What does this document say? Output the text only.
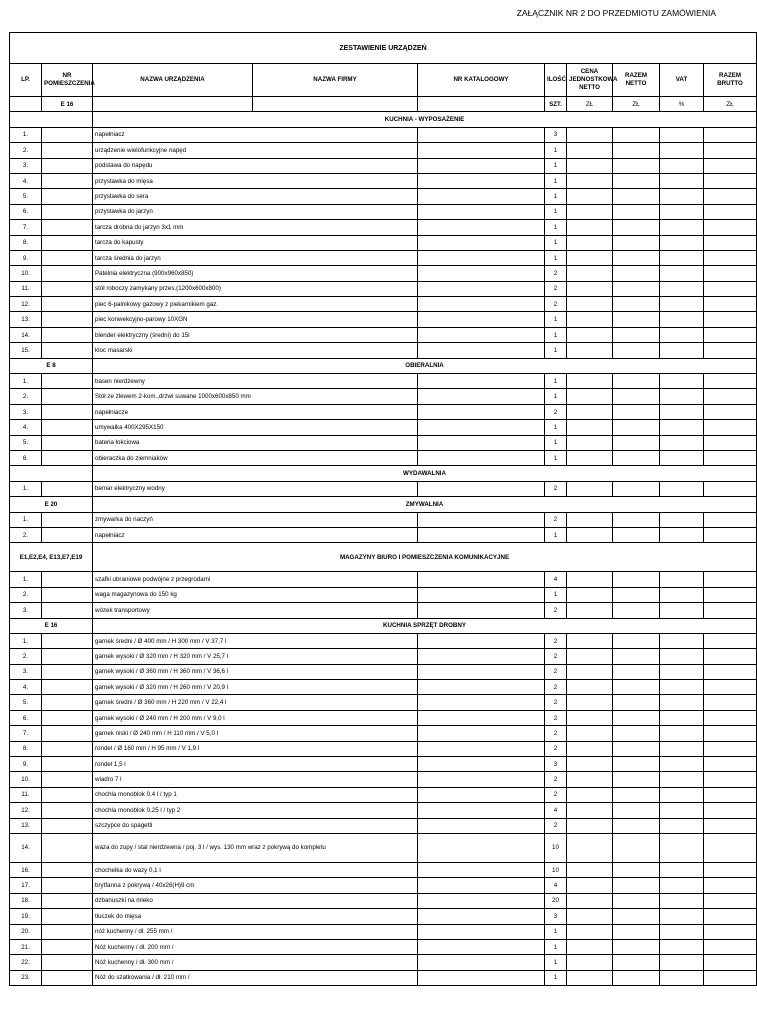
ZAŁĄCZNIK NR 2 DO PRZEDMIOTU ZAMÓWIENIA
ZESTAWIENIE URZĄDZEŃ									
LP.	NR POMIESZCZENIA	NAZWA URZĄDZENIA	NAZWA FIRMY	NR KATALOGOWY	ILOŚĆ	CENA JEDNOSTKOWA NETTO	RAZEM NETTO	VAT	RAZEM BRUTTO
	E 16				SZT.	ZŁ	ZŁ	%	ZŁ
		KUCHNIA - WYPOSAŻENIE							
1.		napełniacz			3				
2.		urządzenie wielofunkcyjne napęd			1				
3.		podstawa do napędu			1				
4.		przystawka do mięsa			1				
5.		przystawka do sera			1				
6.		przystawka do jarzyn			1				
7.		tarcza drobna do jarzyn 3x1 mm			1				
8.		tarcza do kapusty			1				
9.		tarcza średnia do jarzyn			1				
10.		Patelnia elektryczna (900x960x850)			2				
11.		stół roboczy zamykany przes.(1200x600x800)			2				
12.		piec 6-palnikowy gazowy z piekarnikiem gaz.			2				
13.		piec konwekcyjno-parowy 10XGN			1				
14.		blender elektryczny (średni) do 15l			1				
15.		kloc masarski			1				
E 8		OBIERALNIA							
1.		basen nierdzewny			1				
2.		Stół ze zlewem 2-kom.,drzwi suwane 1000x600x850 mm			1				
3.		napełniacze			2				
4.		umywalka 400X295X150			1				
5.		bateria łokciowa			1				
6.		obieraczka do ziemniaków			1				
		WYDAWALNIA							
1.		bemar elektryczny wodny			2				
E 20		ZMYWALNIA							
1.		zmywarka do naczyń			2				
2.		napełniacz			1				
E1,E2,E4, E13,E7,E19		MAGAZYNY BIURO I POMIESZCZENIA KOMUNIKACYJNE							
1.		szafki ubraniowe podwójne z przegrodami			4				
2.		waga magazynowa do 150 kg			1				
3.		wózek transportowy			2				
E 16		KUCHNIA SPRZĘT DROBNY							
1.		garnek średni / Ø 400 mm / H 300 mm / V 37,7 l			2				
2.		garnek wysoki / Ø 320 mm / H 320 mm / V 25,7 l			2				
3.		garnek wysoki / Ø 360 mm / H 360 mm / V 36,6 l			2				
4.		garnek wysoki / Ø 320 mm / H 260 mm / V 20,9 l			2				
5.		garnek średni / Ø 360 mm / H 220 mm / V 22,4 l			2				
6.		garnek wysoki / Ø 240 mm / H 200 mm / V 9,0 l			2				
7.		garnek niski / Ø 240 mm / H 110 mm / V 5,0 l			2				
8.		rondel / Ø 160 mm / H 95 mm / V 1,9 l			2				
9.		rondel 1,5 l			3				
10.		wiadro 7 l			2				
11.		chochla monoblok 0,4 l / typ 1			2				
12.		chochla monoblok 0,25 l / typ 2			4				
13.		szczypce do spagetti			2				
14.		waza do zupy / stal nierdzewna / poj. 3 l / wys. 130 mm wraz z pokrywą do kompletu			10				
16.		chochelka do wazy 0,1 l			10				
17.		brytfanna z pokrywą / 40x26(H)9 cm			4				
18.		dzbanuszki na mleko			20				
19.		tłuczek do mięsa			3				
20.		nóż kuchenny / dł. 255 mm /			1				
21.		Nóż kuchenny / dł. 200 mm /			1				
22.		Nóż kuchenny / dł. 300 mm /			1				
23.		Nóż do szatkowania / dł. 210 mm /			1				
